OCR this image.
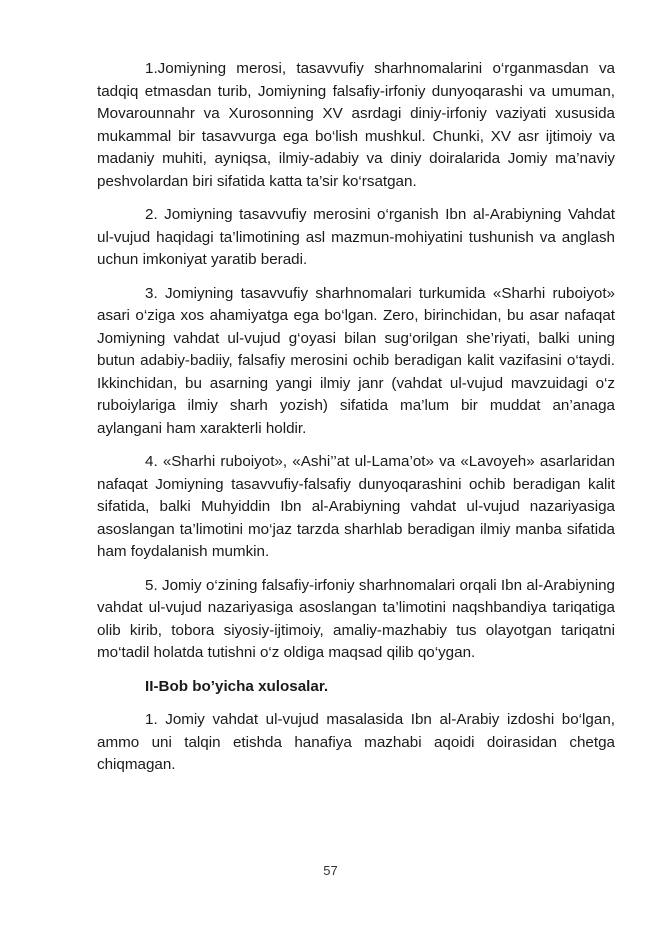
1.Jomiyning merosi, tasavvufiy sharhnomalarini o‘rganmasdan va tadqiq etmasdan turib, Jomiyning falsafiy-irfoniy dunyoqarashi va umuman, Movarounnahr va Xurosonning XV asrdagi diniy-irfoniy vaziyati xususida mukammal bir tasavvurga ega bo‘lish mushkul. Chunki, XV asr ijtimoiy va madaniy muhiti, ayniqsa, ilmiy-adabiy va diniy doiralarida Jomiy ma’naviy peshvolardan biri sifatida katta ta’sir ko‘rsatgan.

2. Jomiyning tasavvufiy merosini o‘rganish Ibn al-Arabiyning Vahdat ul-vujud haqidagi ta’limotining asl mazmun-mohiyatini tushunish va anglash uchun imkoniyat yaratib beradi.

3. Jomiyning tasavvufiy sharhnomalari turkumida «Sharhi ruboiyot» asari o‘ziga xos ahamiyatga ega bo‘lgan. Zero, birinchidan, bu asar nafaqat Jomiyning vahdat ul-vujud g‘oyasi bilan sug‘orilgan she’riyati, balki uning butun adabiy-badiiy, falsafiy merosini ochib beradigan kalit vazifasini o‘taydi. Ikkinchidan, bu asarning yangi ilmiy janr (vahdat ul-vujud mavzuidagi o‘z ruboiylariga ilmiy sharh yozish) sifatida ma’lum bir muddat an’anaga aylangani ham xarakterli holdir.

4. «Sharhi ruboiyot», «Ashi’’at ul-Lama’ot» va «Lavoyeh» asarlaridan nafaqat Jomiyning tasavvufiy-falsafiy dunyoqarashini ochib beradigan kalit sifatida, balki Muhyiddin Ibn al-Arabiyning vahdat ul-vujud nazariyasiga asoslangan ta’limotini mo‘jaz tarzda sharhlab beradigan ilmiy manba sifatida ham foydalanish mumkin.

5. Jomiy o‘zining falsafiy-irfoniy sharhnomalari orqali Ibn al-Arabiyning vahdat ul-vujud nazariyasiga asoslangan ta’limotini naqshbandiya tariqatiga olib kirib, tobora siyosiy-ijtimoiy, amaliy-mazhabiy tus olayotgan tariqatni mo‘tadil holatda tutishni o‘z oldiga maqsad qilib qo‘ygan.

II-Bob bo’yicha xulosalar.

1. Jomiy vahdat ul-vujud masalasida Ibn al-Arabiy izdoshi bo‘lgan, ammo uni talqin etishda hanafiya mazhabi aqoidi doirasidan chetga chiqmagan.

57
